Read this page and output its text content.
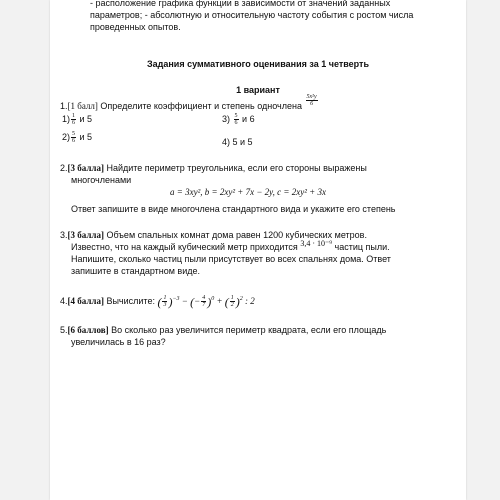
- расположение графика функции в зависимости от значений заданных
параметров; - абсолютную и относительную частоту события с ростом числа
проведенных опытов.
Задания суммативного оценивания за 1 четверть
1 вариант
1.[1 балл] Определите коэффициент и степень одночлена $\frac{\text{5x²y}}{6}$
$1) \frac{1}{6}$ и 5	$3) \frac{5}{6}$ и 6
$2) \frac{5}{6}$ и 5	4) 5 и 5
2.[3 балла] Найдите периметр треугольника, если его стороны выражены
многочленами
a = 3xy², b = 2xy² + 7x − 2y, c = 2xy² + 3x
Ответ запишите в виде многочлена стандартного вида и укажите его степень
3.[3 балла] Объем спальных комнат дома равен 1200 кубических метров.
Известно, что на каждый кубический метр приходится 3,4 · 10⁻⁹ частиц пыли.
Напишите, сколько частиц пыли присутствует во всех спальнях дома. Ответ
запишите в стандартном виде.
4.[4 балла] Вычислите: ( $\frac{1}{3} )^{-3}$ − (− $\frac{4}{7} )^0$ + ( $\frac{1}{2} )^2$ : 2
5.[6 баллов] Во сколько раз увеличится периметр квадрата, если его площадь
увеличилась в 16 раз?
